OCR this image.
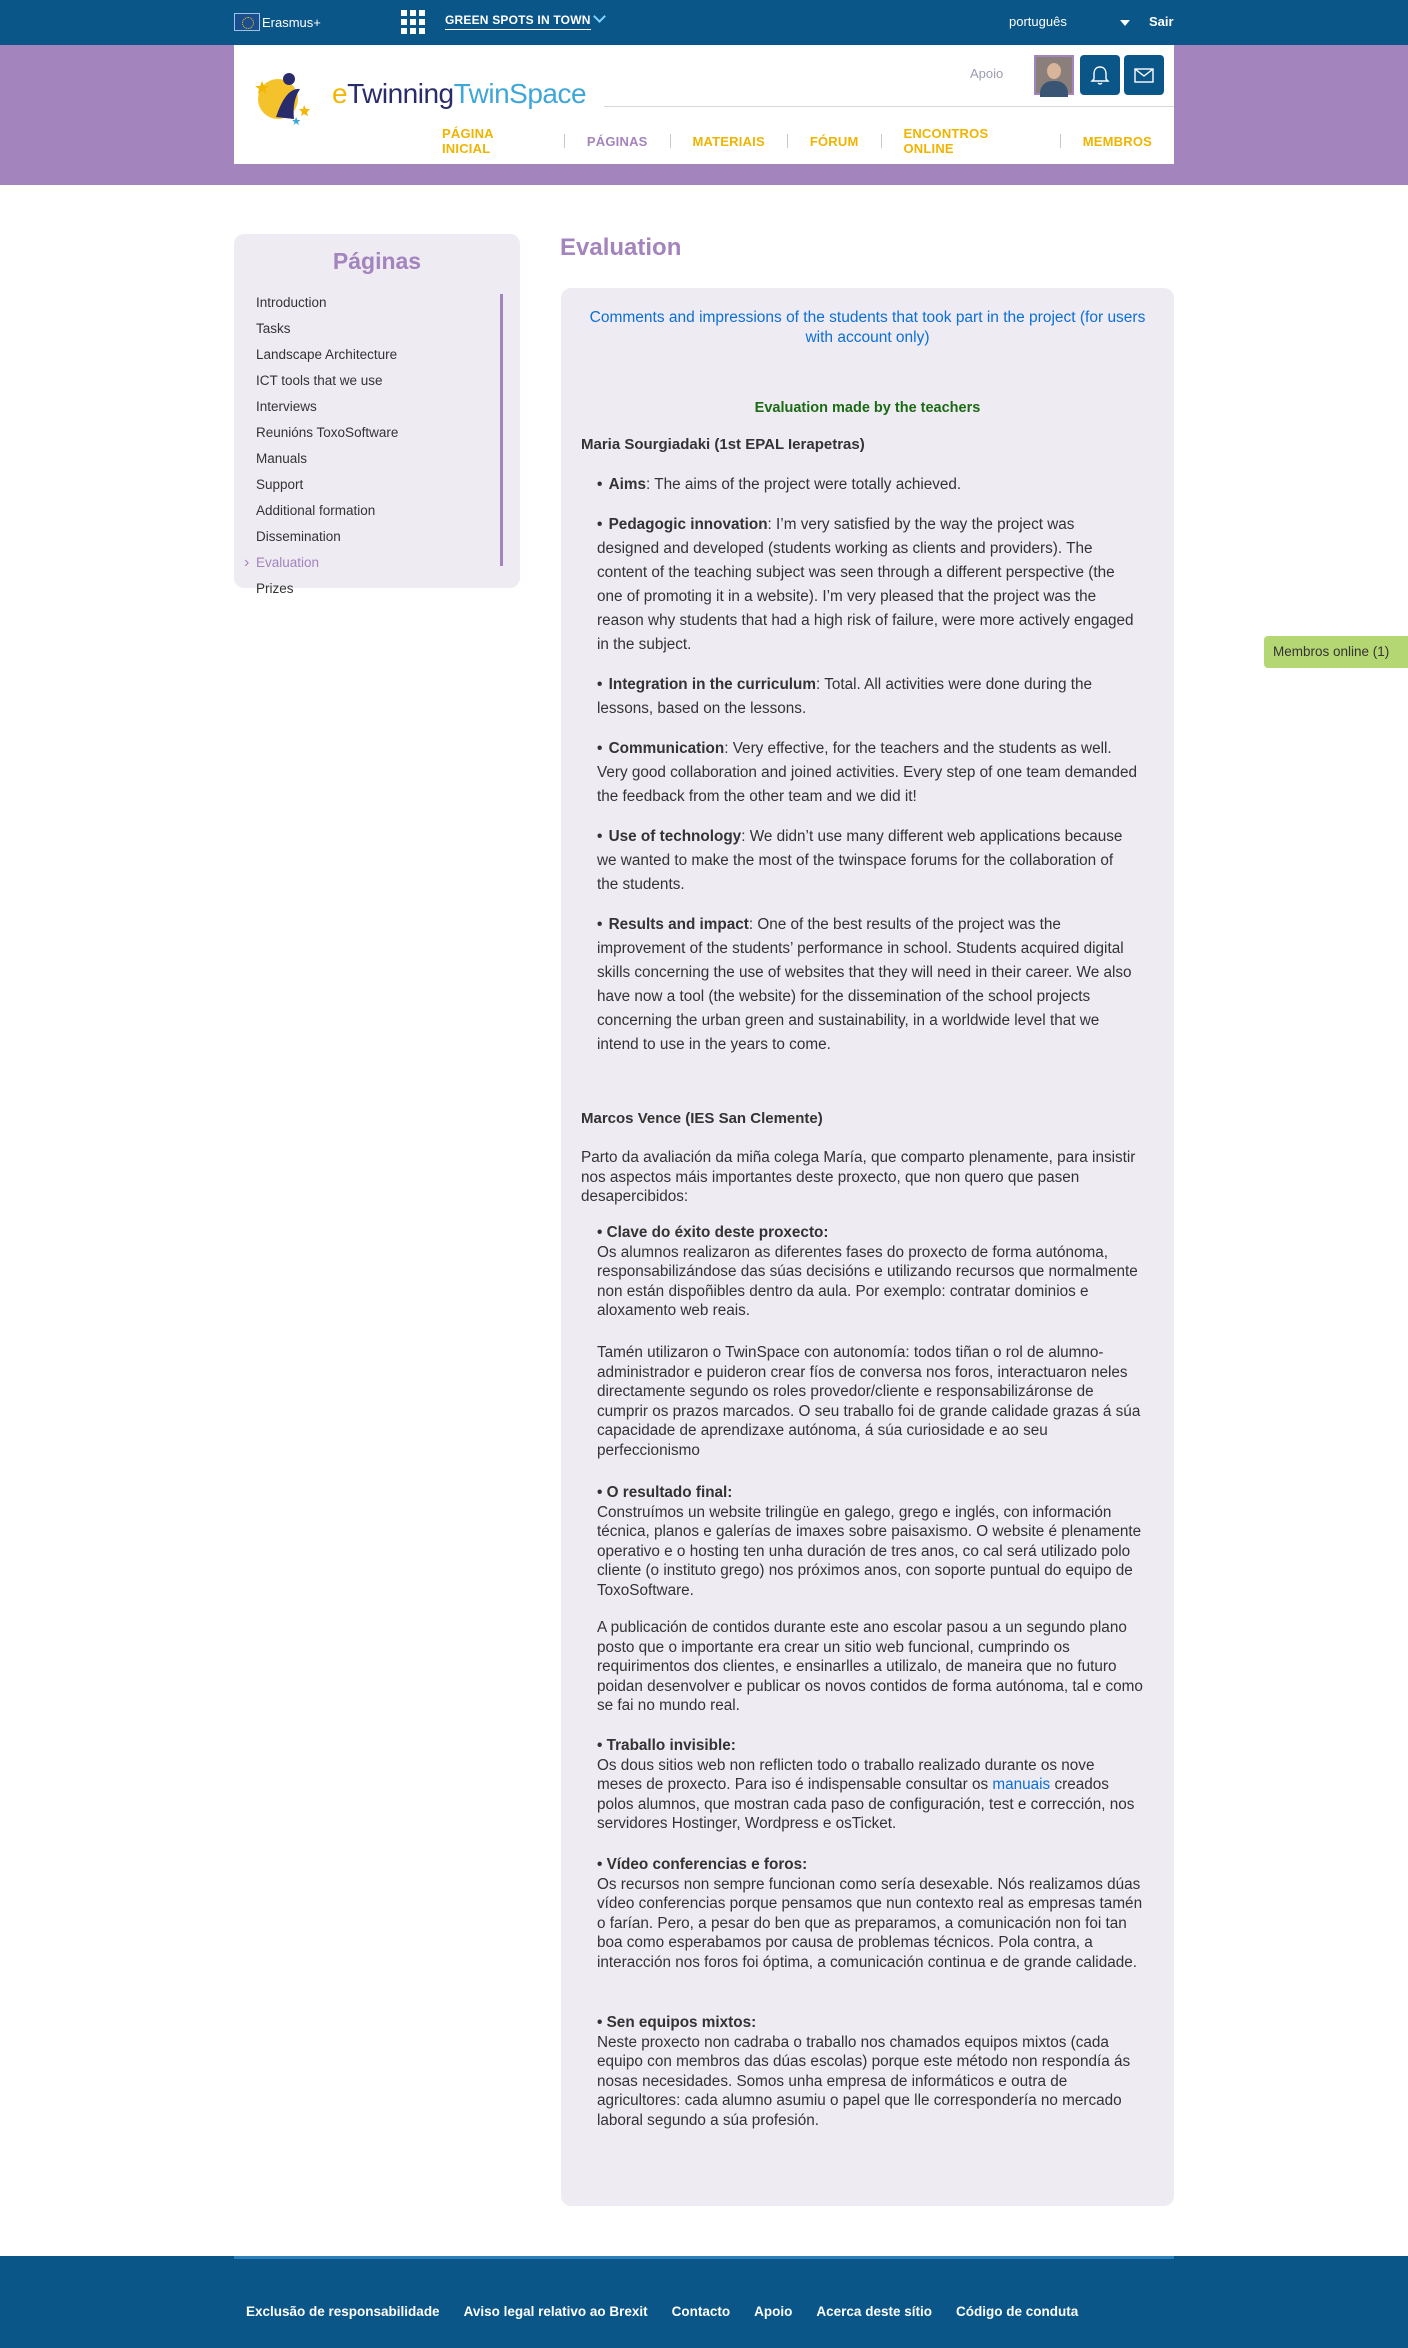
Erasmus+	GREEN SPOTS IN TOWN	português	Sair
eTwinningTwinSpace
Apoio
PÁGINA INICIAL	PÁGINAS	MATERIAIS	FÓRUM	ENCONTROS ONLINE	MEMBROS
Páginas
Introduction
Tasks
Landscape Architecture
ICT tools that we use
Interviews
Reunións ToxoSoftware
Manuals
Support
Additional formation
Dissemination
› Evaluation
Prizes
Evaluation
Comments and impressions of the students that took part in the project (for users with account only)
Evaluation made by the teachers
Maria Sourgiadaki (1st EPAL Ierapetras)
• Aims: The aims of the project were totally achieved.
• Pedagogic innovation: I’m very satisfied by the way the project was designed and developed (students working as clients and providers). The content of the teaching subject was seen through a different perspective (the one of promoting it in a website). I’m very pleased that the project was the reason why students that had a high risk of failure, were more actively engaged in the subject.
• Integration in the curriculum: Total. All activities were done during the lessons, based on the lessons.
• Communication: Very effective, for the teachers and the students as well. Very good collaboration and joined activities. Every step of one team demanded the feedback from the other team and we did it!
• Use of technology: We didn’t use many different web applications because we wanted to make the most of the twinspace forums for the collaboration of the students.
• Results and impact: One of the best results of the project was the improvement of the students’ performance in school. Students acquired digital skills concerning the use of websites that they will need in their career. We also have now a tool (the website) for the dissemination of the school projects concerning the urban green and sustainability, in a worldwide level that we intend to use in the years to come.
Marcos Vence (IES San Clemente)
Parto da avaliación da miña colega María, que comparto plenamente, para insistir nos aspectos máis importantes deste proxecto, que non quero que pasen desapercibidos:
• Clave do éxito deste proxecto:
Os alumnos realizaron as diferentes fases do proxecto de forma autónoma, responsabilizándose das súas decisións e utilizando recursos que normalmente non están dispoñibles dentro da aula. Por exemplo: contratar dominios e aloxamento web reais.
Tamén utilizaron o TwinSpace con autonomía: todos tiñan o rol de alumno-administrador e puideron crear fíos de conversa nos foros, interactuaron neles directamente segundo os roles provedor/cliente e responsabilizáronse de cumprir os prazos marcados. O seu traballo foi de grande calidade grazas á súa capacidade de aprendizaxe autónoma, á súa curiosidade e ao seu perfeccionismo
• O resultado final:
Construímos un website trilingüe en galego, grego e inglés, con información técnica, planos e galerías de imaxes sobre paisaxismo. O website é plenamente operativo e o hosting ten unha duración de tres anos, co cal será utilizado polo cliente (o instituto grego) nos próximos anos, con soporte puntual do equipo de ToxoSoftware.
A publicación de contidos durante este ano escolar pasou a un segundo plano posto que o importante era crear un sitio web funcional, cumprindo os requirimentos dos clientes, e ensinarlles a utilizalo, de maneira que no futuro poidan desenvolver e publicar os novos contidos de forma autónoma, tal e como se fai no mundo real.
• Traballo invisible:
Os dous sitios web non reflicten todo o traballo realizado durante os nove meses de proxecto. Para iso é indispensable consultar os manuais creados polos alumnos, que mostran cada paso de configuración, test e corrección, nos servidores Hostinger, Wordpress e osTicket.
• Vídeo conferencias e foros:
Os recursos non sempre funcionan como sería desexable. Nós realizamos dúas vídeo conferencias porque pensamos que nun contexto real as empresas tamén o farían. Pero, a pesar do ben que as preparamos, a comunicación non foi tan boa como esperabamos por causa de problemas técnicos. Pola contra, a interacción nos foros foi óptima, a comunicación continua e de grande calidade.
• Sen equipos mixtos:
Neste proxecto non cadraba o traballo nos chamados equipos mixtos (cada equipo con membros das dúas escolas) porque este método non respondía ás nosas necesidades. Somos unha empresa de informáticos e outra de agricultores: cada alumno asumiu o papel que lle correspondería no mercado laboral segundo a súa profesión.
Membros online (1)
Exclusão de responsabilidade Aviso legal relativo ao Brexit Contacto Apoio Acerca deste sítio Código de conduta
